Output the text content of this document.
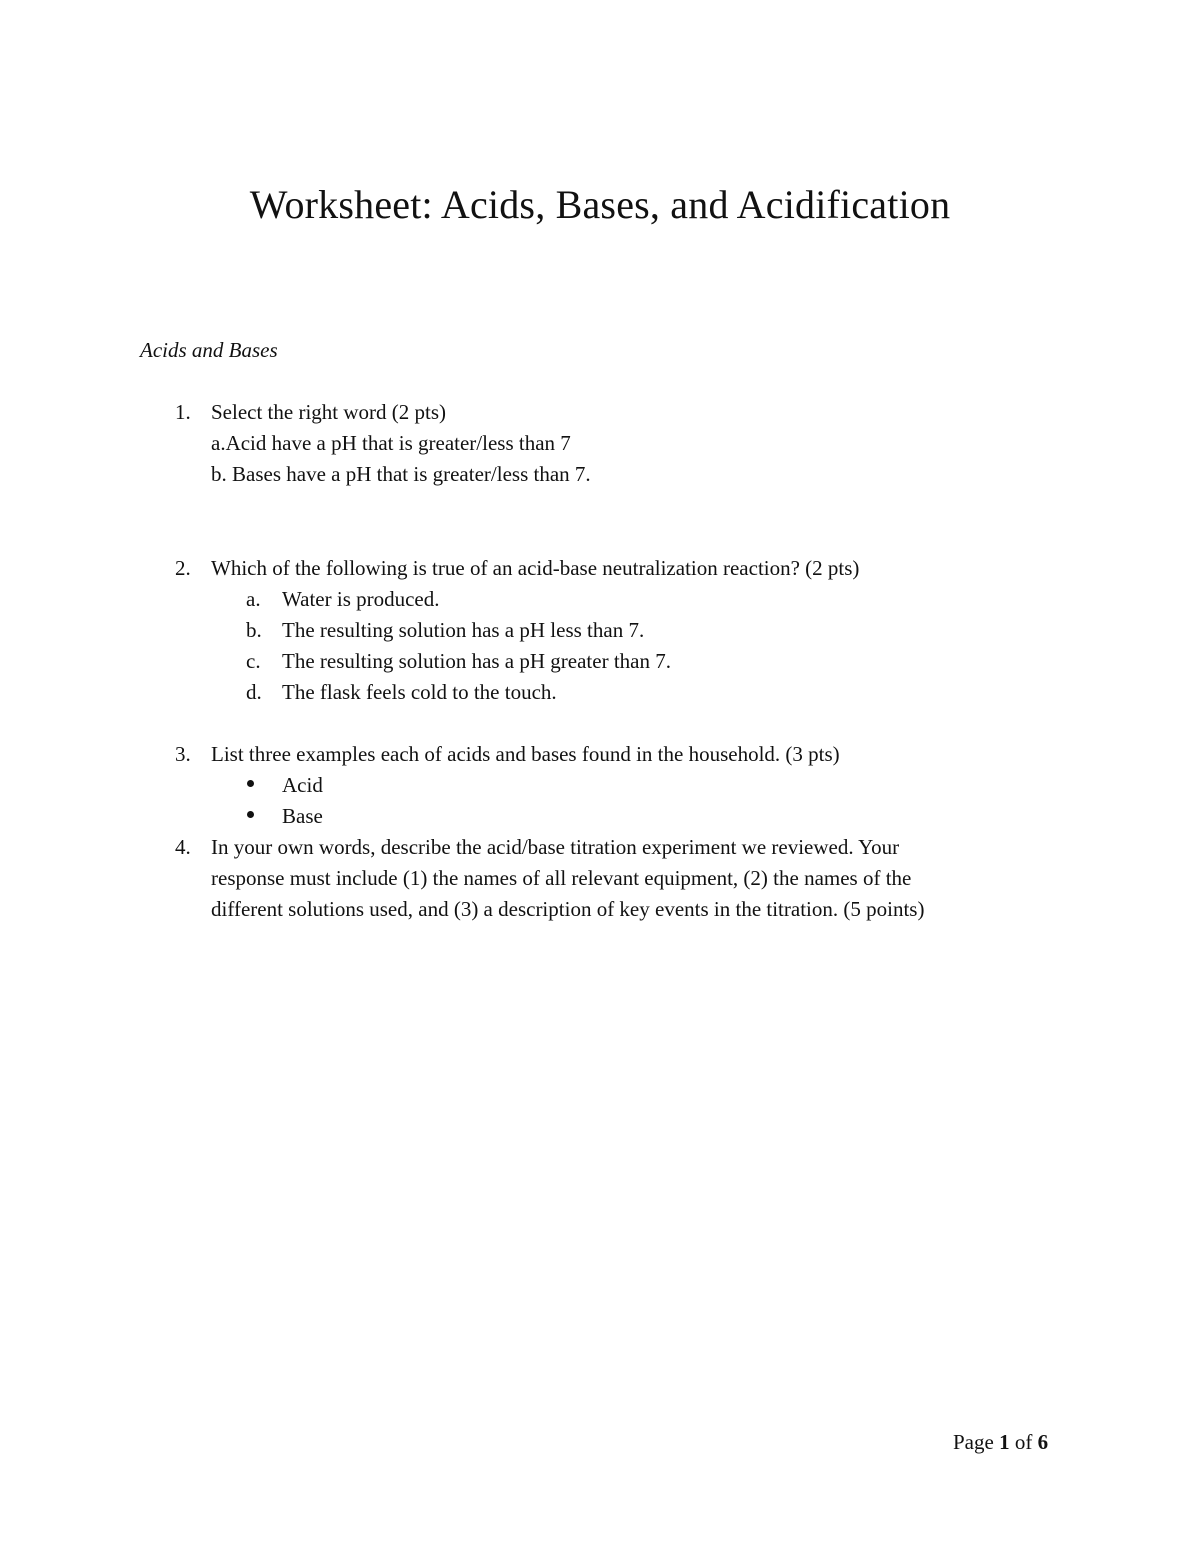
Worksheet: Acids, Bases, and Acidification
Acids and Bases
1. Select the right word (2 pts)
a.Acid have a pH that is greater/less than 7
b. Bases have a pH that is greater/less than 7.
2. Which of the following is true of an acid-base neutralization reaction? (2 pts)
a. Water is produced.
b. The resulting solution has a pH less than 7.
c. The resulting solution has a pH greater than 7.
d. The flask feels cold to the touch.
3. List three examples each of acids and bases found in the household. (3 pts)
Acid
Base
4. In your own words, describe the acid/base titration experiment we reviewed. Your
response must include (1) the names of all relevant equipment, (2) the names of the
different solutions used, and (3) a description of key events in the titration. (5 points)
Page 1 of 6
